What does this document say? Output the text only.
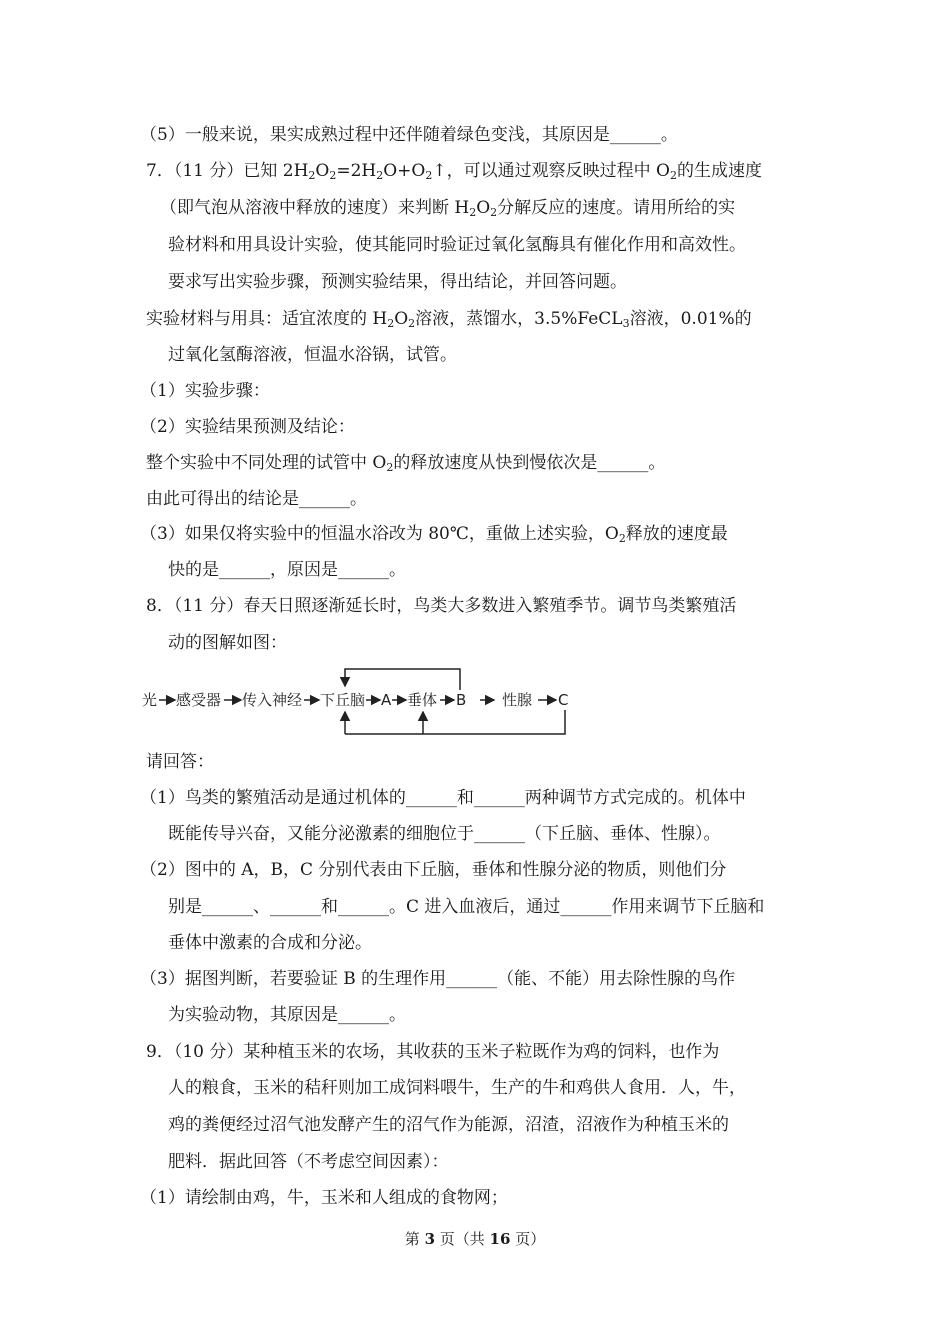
（5）一般来说，果实成熟过程中还伴随着绿色变浅，其原因是______。
7．（11 分）已知 $2H_2O_2=2H_2O+O_2↑$，可以通过观察反映过程中 $O_2$的生成速度
（即气泡从溶液中释放的速度）来判断 $H_2O_2$分解反应的速度。请用所给的实
验材料和用具设计实验，使其能同时验证过氧化氢酶具有催化作用和高效性。
要求写出实验步骤，预测实验结果，得出结论，并回答问题。
实验材料与用具：适宜浓度的 $H_2O_2$溶液，蒸馏水，3.5%FeCL$_3$溶液，0.01%的
过氧化氢酶溶液，恒温水浴锅，试管。
（1）实验步骤：
（2）实验结果预测及结论：
整个实验中不同处理的试管中 $O_2$的释放速度从快到慢依次是______。
由此可得出的结论是______。
（3）如果仅将实验中的恒温水浴改为 80℃，重做上述实验，$O_2$释放的速度最
快的是______，原因是______。
8．（11 分）春天日照逐渐延长时，鸟类大多数进入繁殖季节。调节鸟类繁殖活
动的图解如图：
光 感受器 传入神经 下丘脑 A 垂体 B 性腺 C
请回答：
（1）鸟类的繁殖活动是通过机体的______和______两种调节方式完成的。机体中
既能传导兴奋，又能分泌激素的细胞位于______（下丘脑、垂体、性腺）。
（2）图中的 A，B，C 分别代表由下丘脑，垂体和性腺分泌的物质，则他们分
别是______、______和______。C 进入血液后，通过______作用来调节下丘脑和
垂体中激素的合成和分泌。
（3）据图判断，若要验证 B 的生理作用______（能、不能）用去除性腺的鸟作
为实验动物，其原因是______。
9．（10 分）某种植玉米的农场，其收获的玉米子粒既作为鸡的饲料，也作为
人的粮食，玉米的秸秆则加工成饲料喂牛，生产的牛和鸡供人食用．人，牛，
鸡的粪便经过沼气池发酵产生的沼气作为能源，沼渣，沼液作为种植玉米的
肥料．据此回答（不考虑空间因素）：
（1）请绘制由鸡，牛，玉米和人组成的食物网；
第 3 页（共 16 页）
